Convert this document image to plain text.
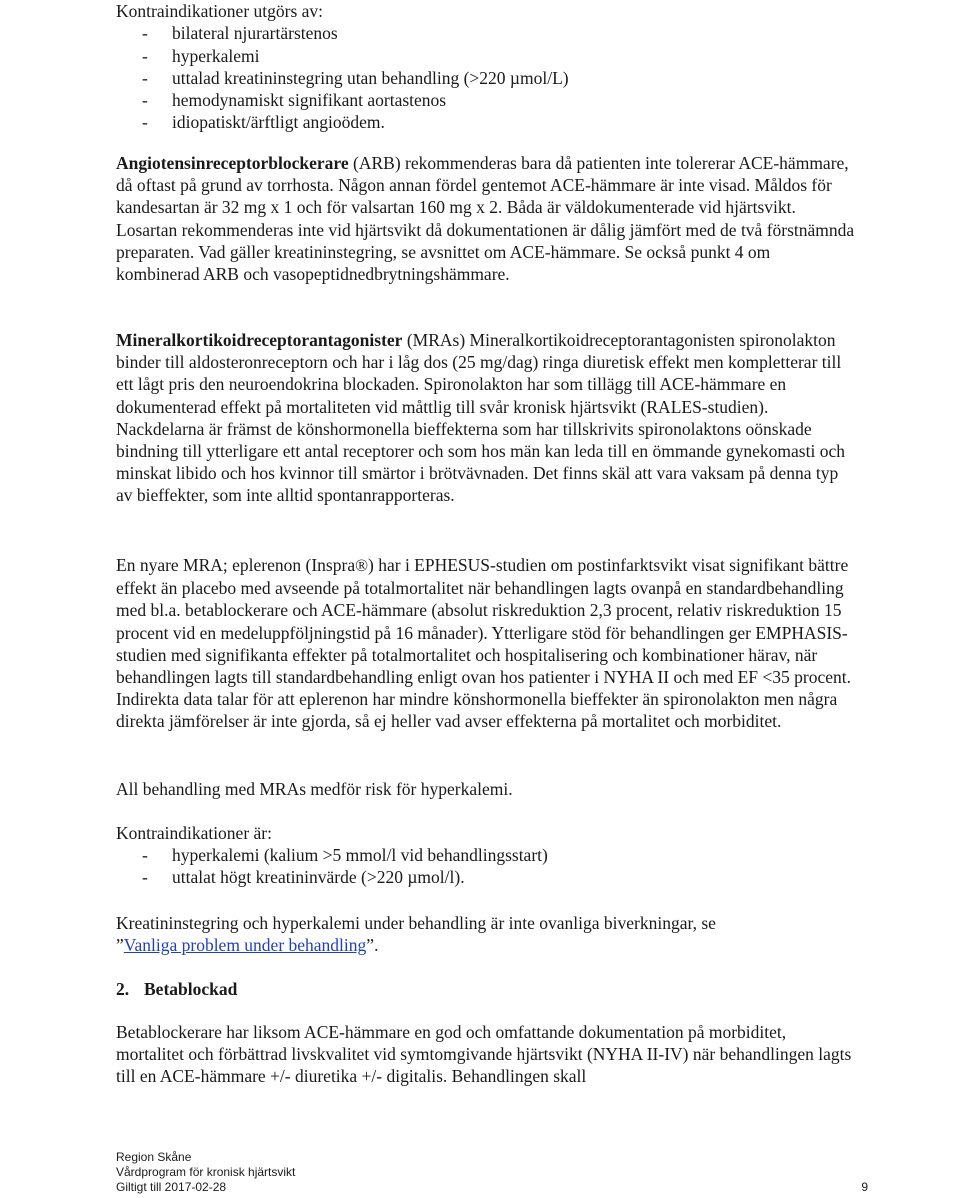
Kontraindikationer utgörs av:

- bilateral njurartärstenos
- hyperkalemi
- uttalad kreatininstegring utan behandling (>220 µmol/L)
- hemodynamiskt signifikant aortastenos
- idiopatiskt/ärftligt angioödem.

Angiotensinreceptorblockerare (ARB) rekommenderas bara då patienten inte tolererar ACE-hämmare, då oftast på grund av torrhosta. Någon annan fördel gentemot ACE-hämmare är inte visad. Måldos för kandesartan är 32 mg x 1 och för valsartan 160 mg x 2. Båda är väldokumenterade vid hjärtsvikt. Losartan rekommenderas inte vid hjärtsvikt då dokumentationen är dålig jämfört med de två förstnämnda preparaten. Vad gäller kreatininstegring, se avsnittet om ACE-hämmare. Se också punkt 4 om kombinerad ARB och vasopeptidnedbrytningshämmare.

Mineralkortikoidreceptorantagonister (MRAs) Mineralkortikoidreceptorantagonisten spironolakton binder till aldosteronreceptorn och har i låg dos (25 mg/dag) ringa diuretisk effekt men kompletterar till ett lågt pris den neuroendokrina blockaden. Spironolakton har som tillägg till ACE-hämmare en dokumenterad effekt på mortaliteten vid måttlig till svår kronisk hjärtsvikt (RALES-studien). Nackdelarna är främst de könshormonella bieffekterna som har tillskrivits spironolaktons oönskade bindning till ytterligare ett antal receptorer och som hos män kan leda till en ömmande gynekomasti och minskat libido och hos kvinnor till smärtor i brötvävnaden. Det finns skäl att vara vaksam på denna typ av bieffekter, som inte alltid spontanrapporteras.

En nyare MRA; eplerenon (Inspra®) har i EPHESUS-studien om postinfarktsvikt visat signifikant bättre effekt än placebo med avseende på totalmortalitet när behandlingen lagts ovanpå en standardbehandling med bl.a. betablockerare och ACE-hämmare (absolut riskreduktion 2,3 procent, relativ riskreduktion 15 procent vid en medeluppföljningstid på 16 månader). Ytterligare stöd för behandlingen ger EMPHASIS-studien med signifikanta effekter på totalmortalitet och hospitalisering och kombinationer härav, när behandlingen lagts till standardbehandling enligt ovan hos patienter i NYHA II och med EF <35 procent. Indirekta data talar för att eplerenon har mindre könshormonella bieffekter än spironolakton men några direkta jämförelser är inte gjorda, så ej heller vad avser effekterna på mortalitet och morbiditet.

All behandling med MRAs medför risk för hyperkalemi.

Kontraindikationer är:

- hyperkalemi (kalium >5 mmol/l vid behandlingsstart)
- uttalat högt kreatininvärde (>220 µmol/l).

Kreatininstegring och hyperkalemi under behandling är inte ovanliga biverkningar, se
”Vanliga problem under behandling”.

2. Betablockad

Betablockerare har liksom ACE-hämmare en god och omfattande dokumentation på morbiditet, mortalitet och förbättrad livskvalitet vid symtomgivande hjärtsvikt (NYHA II-IV) när behandlingen lagts till en ACE-hämmare +/- diuretika +/- digitalis. Behandlingen skall

Region Skåne
Vårdprogram för kronisk hjärtsvikt
Giltigt till 2017-02-28	9
